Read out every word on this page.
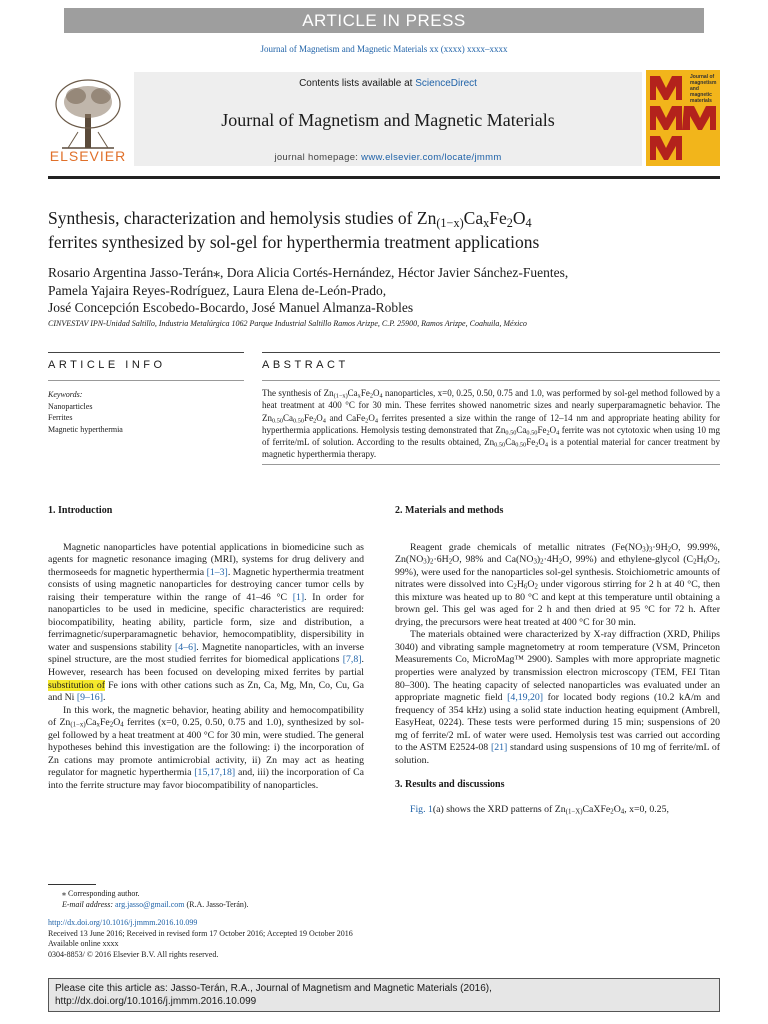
ARTICLE IN PRESS
Journal of Magnetism and Magnetic Materials xx (xxxx) xxxx–xxxx
ELSEVIER
Contents lists available at ScienceDirect
Journal of Magnetism and Magnetic Materials
journal homepage: www.elsevier.com/locate/jmmm
Journal of magnetism and magnetic materials
Synthesis, characterization and hemolysis studies of $Zn_{(1-x)}Ca_xFe_2O_4$
ferrites synthesized by sol-gel for hyperthermia treatment applications
Rosario Argentina Jasso-Terán⁎, Dora Alicia Cortés-Hernández, Héctor Javier Sánchez-Fuentes,
Pamela Yajaira Reyes-Rodríguez, Laura Elena de-León-Prado,
José Concepción Escobedo-Bocardo, José Manuel Almanza-Robles
CINVESTAV IPN-Unidad Saltillo, Industria Metalúrgica 1062 Parque Industrial Saltillo Ramos Arizpe, C.P. 25900, Ramos Arizpe, Coahuila, México
ARTICLE INFO	ABSTRACT
Keywords:
Nanoparticles
Ferrites
Magnetic hyperthermia
The synthesis of $Zn_{(1-x)}Ca_xFe_2O_4$ nanoparticles, x=0, 0.25, 0.50, 0.75 and 1.0, was performed by sol-gel method followed by a heat treatment at 400 °C for 30 min. These ferrites showed nanometric sizes and nearly superparamagnetic behavior. The $Zn_{0.50}Ca_{0.50}Fe_2O_4$ and $CaFe_2O_4$ ferrites presented a size within the range of 12–14 nm and appropriate heating ability for hyperthermia applications. Hemolysis testing demonstrated that $Zn_{0.50}Ca_{0.50}Fe_2O_4$ ferrite was not cytotoxic when using 10 mg of ferrite/mL of solution. According to the results obtained, $Zn_{0.50}Ca_{0.50}Fe_2O_4$ is a potential material for cancer treatment by magnetic hyperthermia therapy.
1. Introduction

Magnetic nanoparticles have potential applications in biomedicine such as agents for magnetic resonance imaging (MRI), systems for drug delivery and thermoseeds for magnetic hyperthermia [1–3]. Magnetic hyperthermia treatment consists of using magnetic nanoparticles for destroying cancer tumor cells by raising their temperature within the range of 41–46 °C [1]. In order for nanoparticles to be used in medicine, specific characteristics are required: biocompatibility, heating ability, particle form, size and distribution, a ferrimagnetic/superparamagnetic behavior, hemocompatiblity, dispersibility in water and suspensions stability [4–6]. Magnetite nanoparticles, with an inverse spinel structure, are the most studied ferrites for biomedical applications [7,8]. However, research has been focused on developing mixed ferrites by partial substitution of Fe ions with other cations such as Zn, Ca, Mg, Mn, Co, Cu, Ga and Ni [9–16].

In this work, the magnetic behavior, heating ability and hemocompatibility of $Zn_{(1-x)}Ca_xFe_2O_4$ ferrites (x=0, 0.25, 0.50, 0.75 and 1.0), synthesized by sol-gel followed by a heat treatment at 400 °C for 30 min, were studied. The general hypotheses behind this investigation are the following: i) the incorporation of Zn cations may promote antimicrobial activity, ii) Zn may act as heating regulator for magnetic hyperthermia [15,17,18] and, iii) the incorporation of Ca into the ferrite structure may favor biocompatibility of nanoparticles.

2. Materials and methods

Reagent grade chemicals of metallic nitrates ($Fe(NO_3)_3\cdot 9H_2O$, 99.99%, $Zn(NO_3)_2\cdot 6H_2O$, 98% and $Ca(NO_3)_2\cdot 4H_2O$, 99%) and ethylene-glycol ($C_2H_6O_2$, 99%), were used for the nanoparticles sol-gel synthesis. Stoichiometric amounts of nitrates were dissolved into $C_2H_6O_2$ under vigorous stirring for 2 h at 40 °C, then this mixture was heated up to 80 °C and kept at this temperature until obtaining a brown gel. This gel was aged for 2 h and then dried at 95 °C for 72 h. After drying, the precursors were heat treated at 400 °C for 30 min.

The materials obtained were characterized by X-ray diffraction (XRD, Philips 3040) and vibrating sample magnetometry at room temperature (VSM, Princeton Measurements Co, MicroMag™ 2900). Samples with more appropriate magnetic properties were analyzed by transmission electron microscopy (TEM, FEI Titan 80–300). The heating capacity of selected nanoparticles was evaluated under an appropriate magnetic field [4,19,20] for located body regions (10.2 kA/m and frequency of 354 kHz) using a solid state induction heating equipment (Ambrell, EasyHeat, 0224). These tests were performed during 15 min; suspensions of 20 mg of ferrite/2 mL of water were used. Hemolysis test was carried out according to the ASTM E2524-08 [21] standard using suspensions of 10 mg of ferrite/mL of solution.

3. Results and discussions

Fig. 1(a) shows the XRD patterns of $Zn_{(1-X)}CaXFe_2O_4$, x=0, 0.25,

⁎ Corresponding author.
E-mail address: arg.jasso@gmail.com (R.A. Jasso-Terán).
http://dx.doi.org/10.1016/j.jmmm.2016.10.099
Received 13 June 2016; Received in revised form 17 October 2016; Accepted 19 October 2016
Available online xxxx
0304-8853/ © 2016 Elsevier B.V. All rights reserved.
Please cite this article as: Jasso-Terán, R.A., Journal of Magnetism and Magnetic Materials (2016),
http://dx.doi.org/10.1016/j.jmmm.2016.10.099
